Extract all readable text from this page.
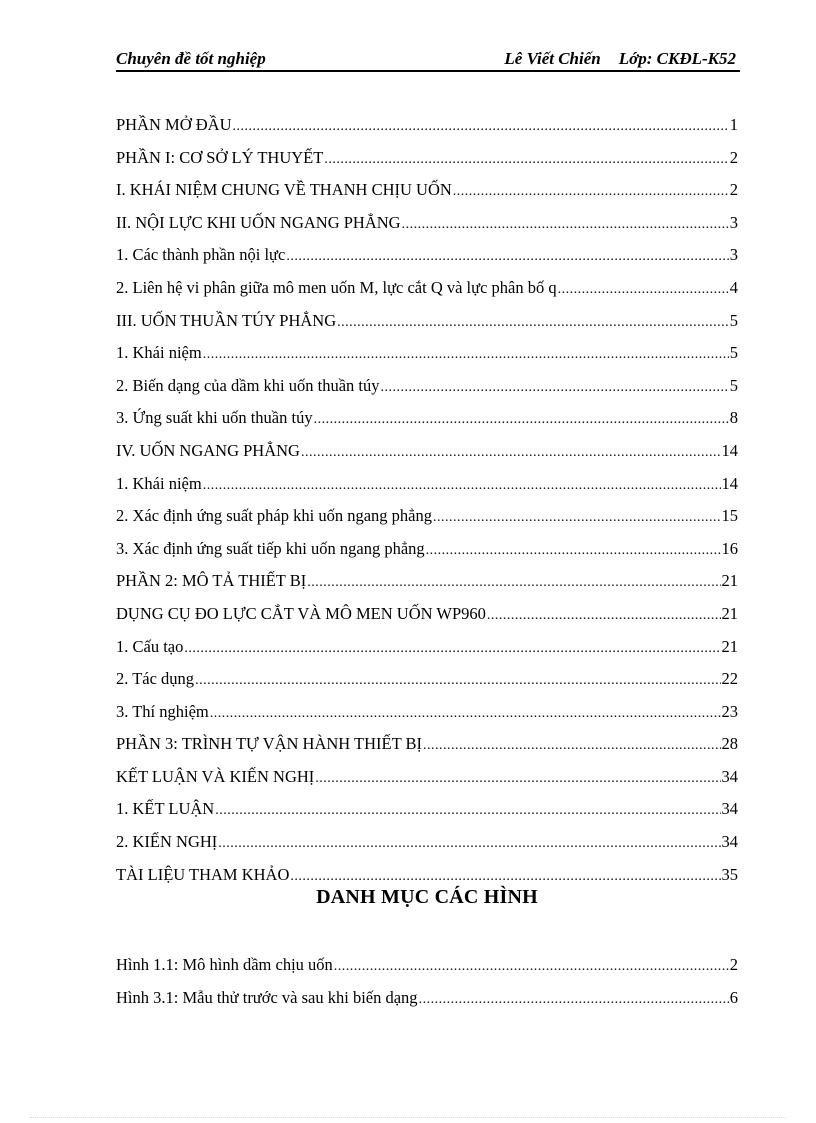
Chuyên đề tốt nghiệp	Lê Viết Chiến Lớp: CKĐL-K52
PHẦN MỞ ĐẦU .....	1
PHẦN I: CƠ SỞ LÝ THUYẾT .....	2
I. KHÁI NIỆM CHUNG VỀ THANH CHỊU UỐN .....	2
II. NỘI LỰC KHI UỐN NGANG PHẲNG .....	3
1. Các thành phần nội lực .....	3
2. Liên hệ vi phân giữa mô men uốn M, lực cắt Q và lực phân bố q .....	4
III. UỐN THUẦN TÚY PHẲNG .....	5
1. Khái niệm .....	5
2. Biến dạng của dầm khi uốn thuần túy .....	5
3. Ứng suất khi uốn thuần túy .....	8
IV. UỐN NGANG PHẲNG .....	14
1. Khái niệm .....	14
2. Xác định ứng suất pháp khi uốn ngang phẳng .....	15
3. Xác định ứng suất tiếp khi uốn ngang phẳng .....	16
PHẦN 2: MÔ TẢ THIẾT BỊ .....	21
DỤNG CỤ ĐO LỰC CẮT VÀ MÔ MEN UỐN WP960 .....	21
1. Cấu tạo .....	21
2. Tác dụng .....	22
3. Thí nghiệm .....	23
PHẦN 3: TRÌNH TỰ VẬN HÀNH THIẾT BỊ .....	28
KẾT LUẬN VÀ KIẾN NGHỊ .....	34
1. KẾT LUẬN .....	34
2. KIẾN NGHỊ .....	34
TÀI LIỆU THAM KHẢO .....	35
DANH MỤC CÁC HÌNH
Hình 1.1: Mô hình dầm chịu uốn .....	2
Hình 3.1: Mẫu thử trước và sau khi biến dạng .....	6
